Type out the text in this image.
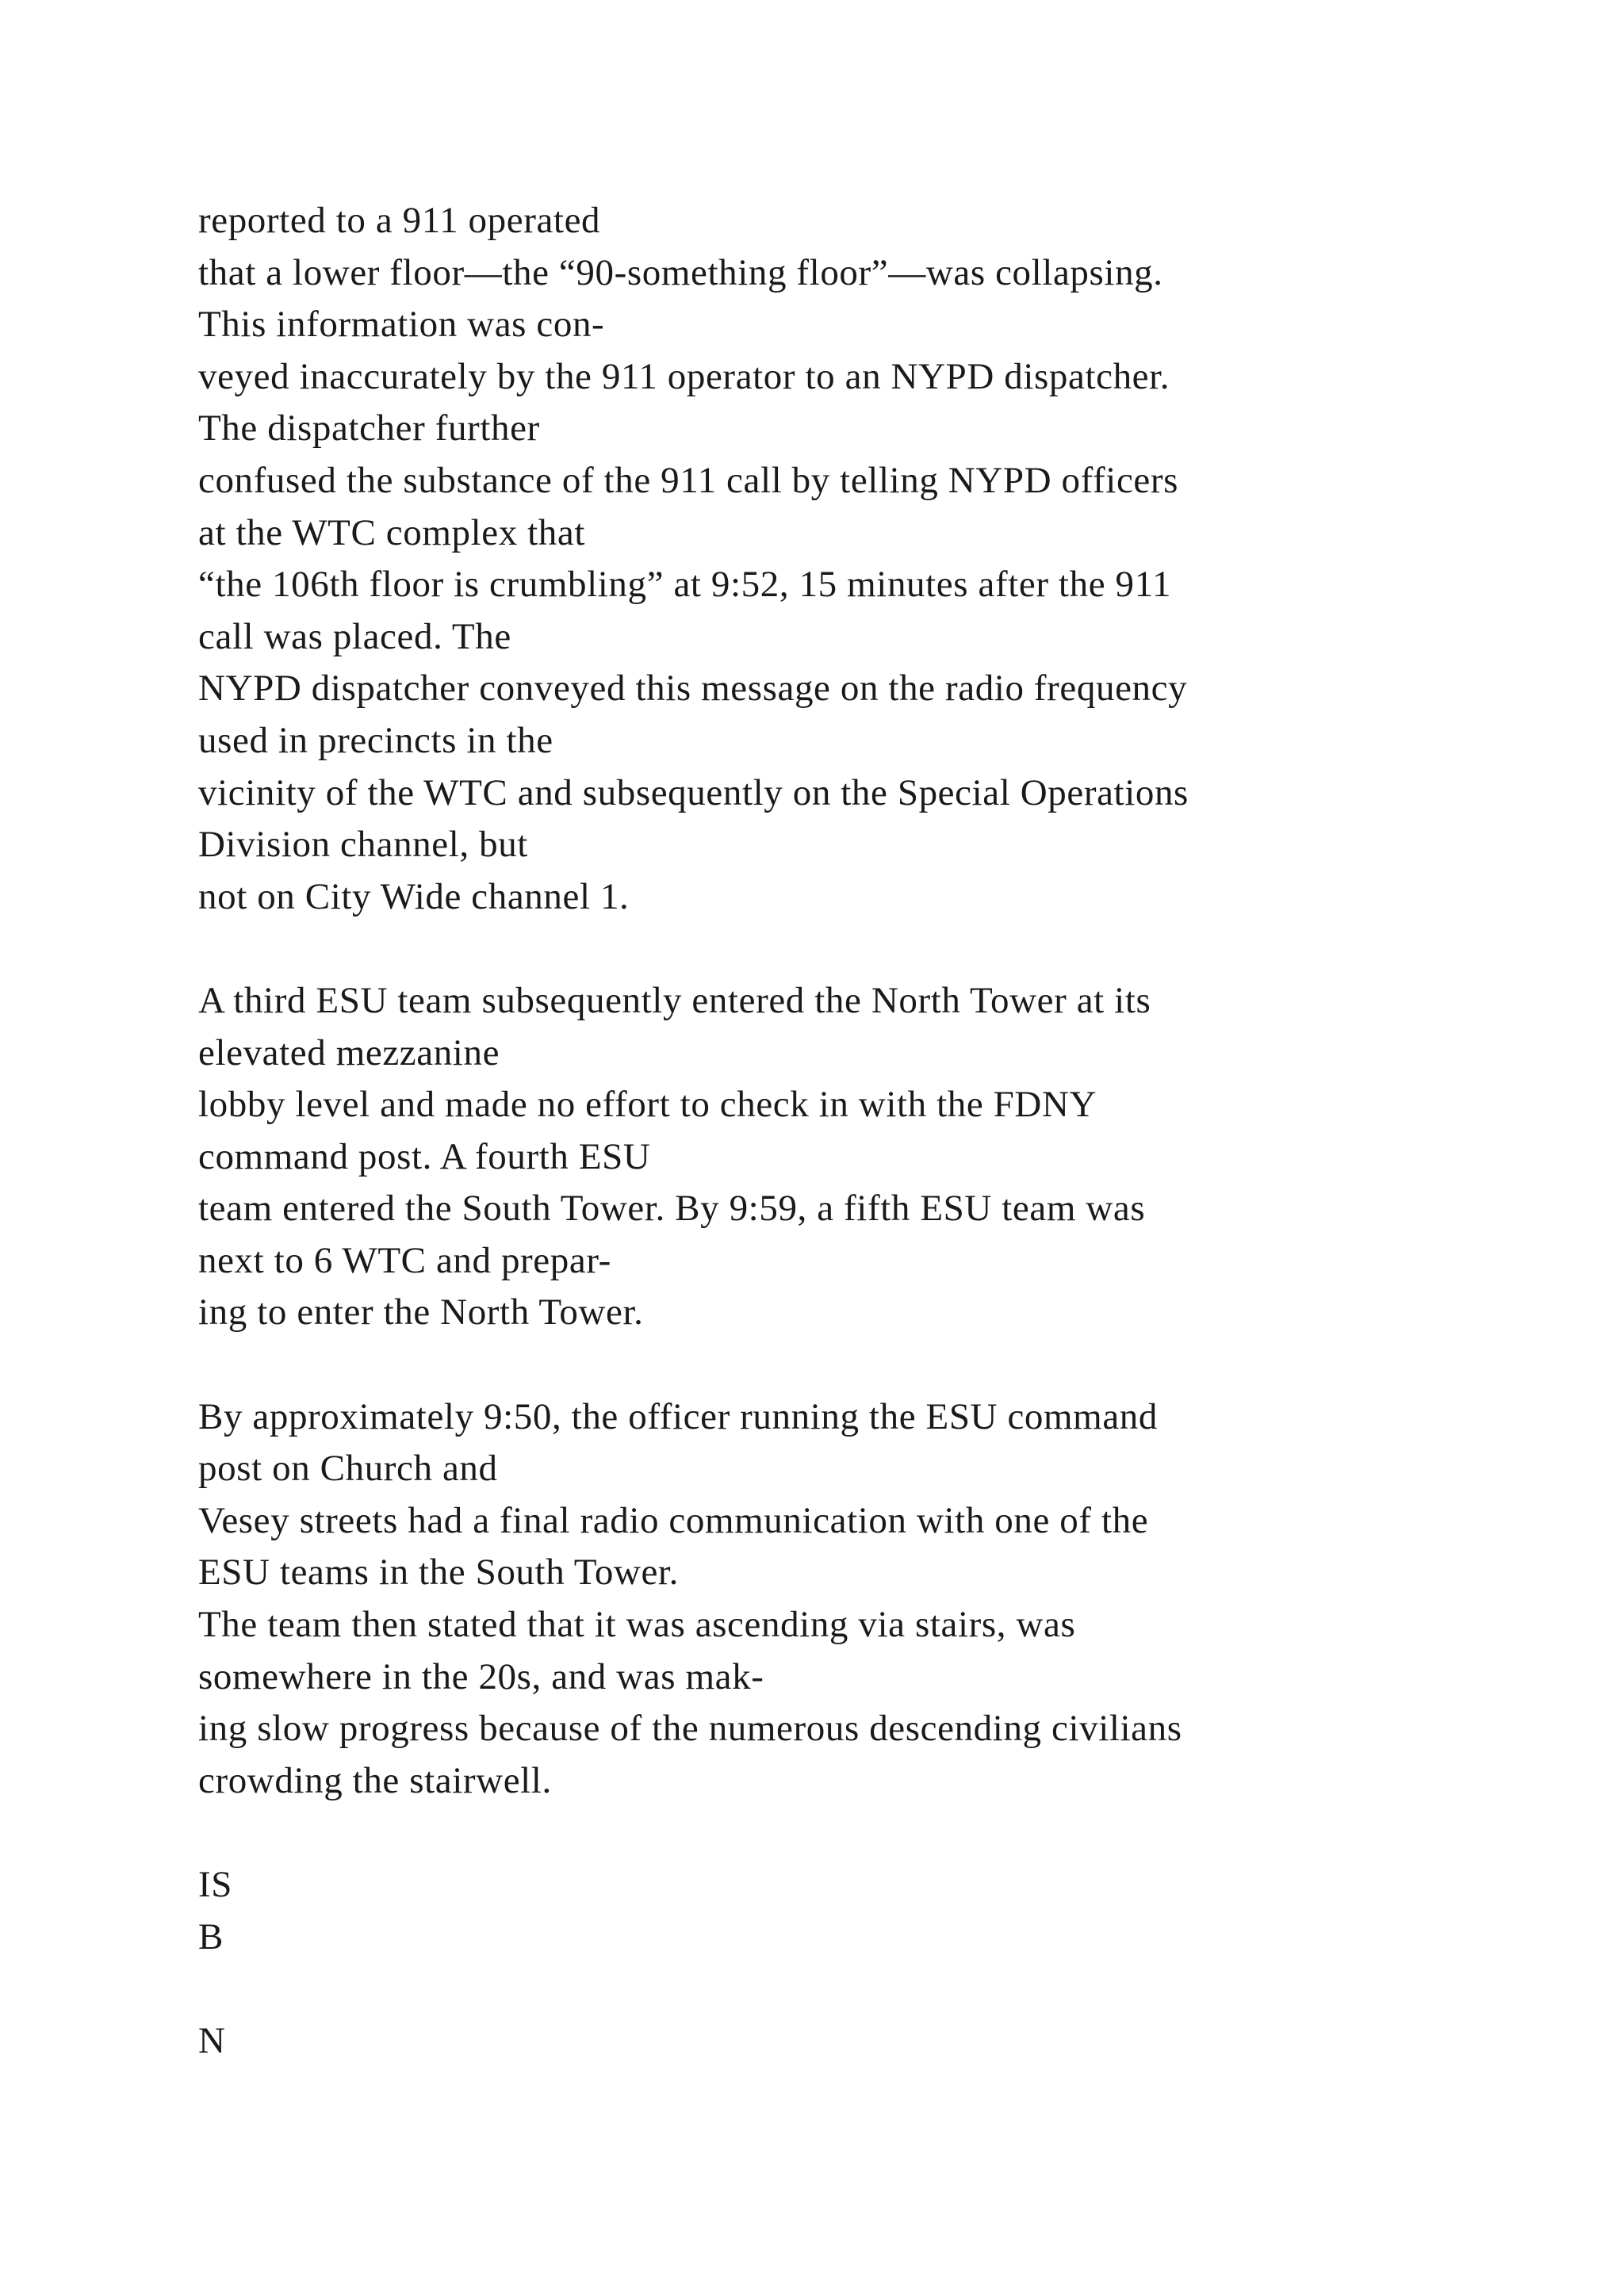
reported to a 911 operated
that a lower floor—the “90-something floor”—was collapsing.
This information was con-
veyed inaccurately by the 911 operator to an NYPD dispatcher.
The dispatcher further
confused the substance of the 911 call by telling NYPD officers
at the WTC complex that
“the 106th floor is crumbling” at 9:52, 15 minutes after the 911
call was placed. The
NYPD dispatcher conveyed this message on the radio frequency
used in precincts in the
vicinity of the WTC and subsequently on the Special Operations
Division channel, but
not on City Wide channel 1.
A third ESU team subsequently entered the North Tower at its
elevated mezzanine
lobby level and made no effort to check in with the FDNY
command post. A fourth ESU
team entered the South Tower. By 9:59, a fifth ESU team was
next to 6 WTC and prepar-
ing to enter the North Tower.
By approximately 9:50, the officer running the ESU command
post on Church and
Vesey streets had a final radio communication with one of the
ESU teams in the South Tower.
The team then stated that it was ascending via stairs, was
somewhere in the 20s, and was mak-
ing slow progress because of the numerous descending civilians
crowding the stairwell.
IS
B
N
